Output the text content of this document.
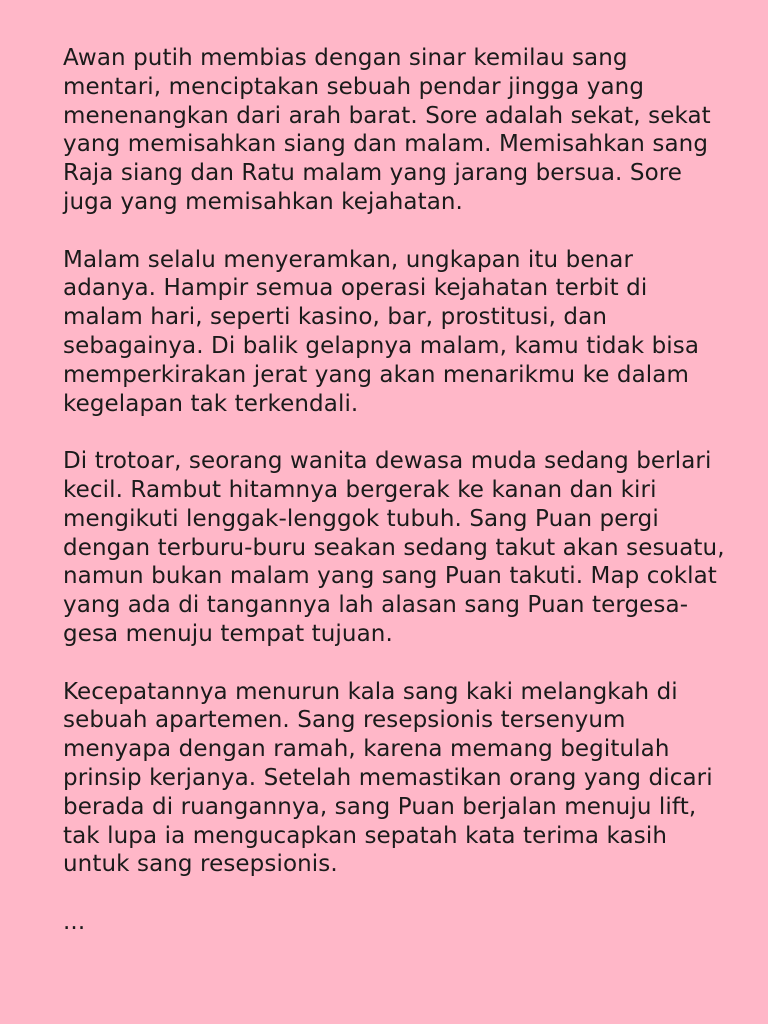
Awan putih membias dengan sinar kemilau sang mentari, menciptakan sebuah pendar jingga yang menenangkan dari arah barat. Sore adalah sekat, sekat yang memisahkan siang dan malam. Memisahkan sang Raja siang dan Ratu malam yang jarang bersua. Sore juga yang memisahkan kejahatan.

Malam selalu menyeramkan, ungkapan itu benar adanya. Hampir semua operasi kejahatan terbit di malam hari, seperti kasino, bar, prostitusi, dan sebagainya. Di balik gelapnya malam, kamu tidak bisa memperkirakan jerat yang akan menarikmu ke dalam kegelapan tak terkendali.

Di trotoar, seorang wanita dewasa muda sedang berlari kecil. Rambut hitamnya bergerak ke kanan dan kiri mengikuti lenggak-lenggok tubuh. Sang Puan pergi dengan terburu-buru seakan sedang takut akan sesuatu, namun bukan malam yang sang Puan takuti. Map coklat yang ada di tangannya lah alasan sang Puan tergesa-gesa menuju tempat tujuan.

Kecepatannya menurun kala sang kaki melangkah di sebuah apartemen. Sang resepsionis tersenyum menyapa dengan ramah, karena memang begitulah prinsip kerjanya. Setelah memastikan orang yang dicari berada di ruangannya, sang Puan berjalan menuju lift, tak lupa ia mengucapkan sepatah kata terima kasih untuk sang resepsionis.

...
